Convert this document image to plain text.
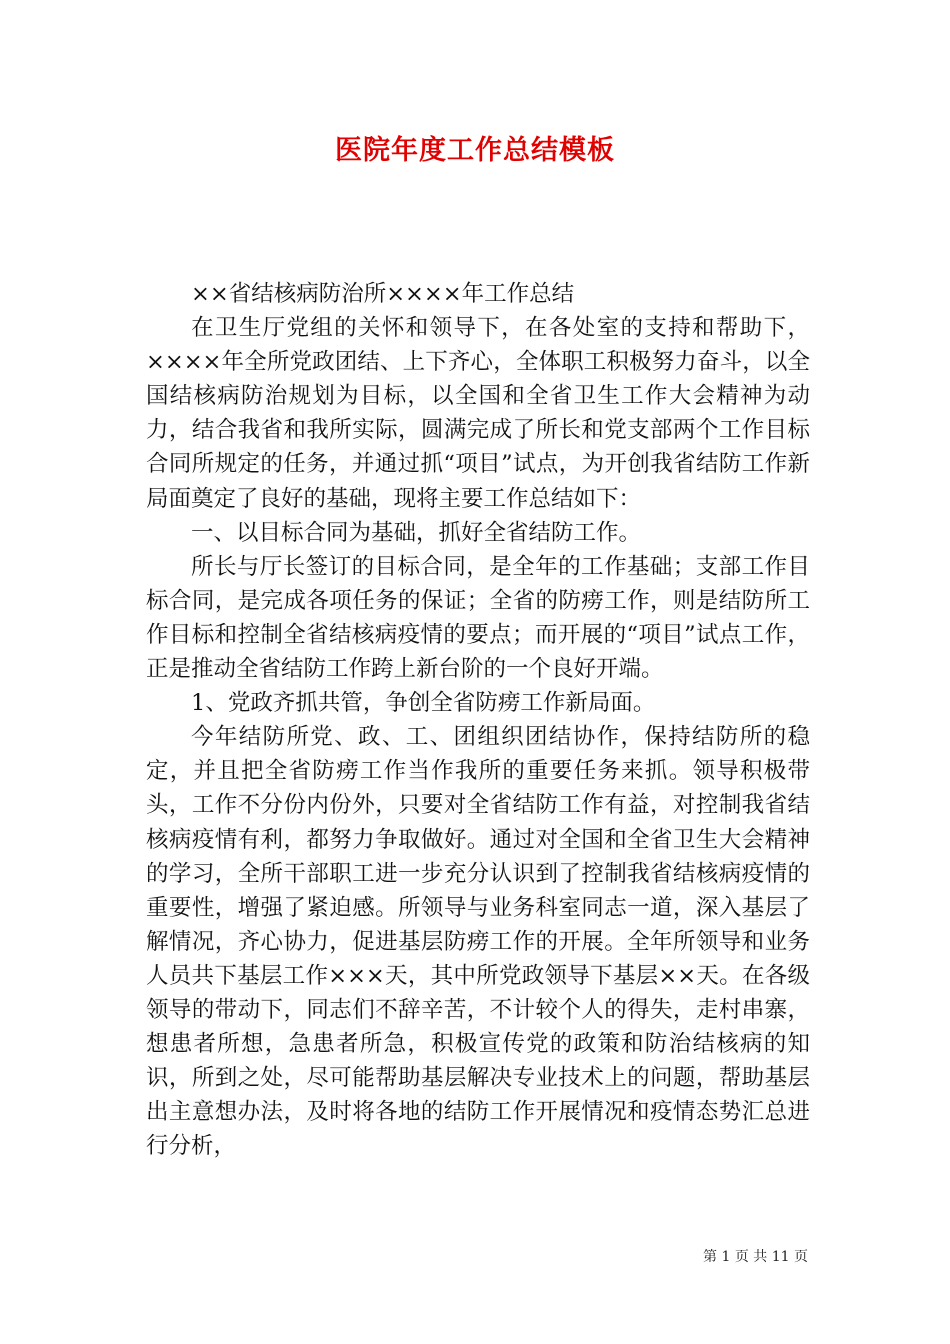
医院年度工作总结模板

××省结核病防治所××××年工作总结

在卫生厅党组的关怀和领导下，在各处室的支持和帮助下，××××年全所党政团结、上下齐心，全体职工积极努力奋斗，以全国结核病防治规划为目标，以全国和全省卫生工作大会精神为动力，结合我省和我所实际，圆满完成了所长和党支部两个工作目标合同所规定的任务，并通过抓“项目”试点，为开创我省结防工作新局面奠定了良好的基础，现将主要工作总结如下：

一、以目标合同为基础，抓好全省结防工作。

所长与厅长签订的目标合同，是全年的工作基础；支部工作目标合同，是完成各项任务的保证；全省的防痨工作，则是结防所工作目标和控制全省结核病疫情的要点；而开展的“项目”试点工作，正是推动全省结防工作跨上新台阶的一个良好开端。

1、党政齐抓共管，争创全省防痨工作新局面。

今年结防所党、政、工、团组织团结协作，保持结防所的稳定，并且把全省防痨工作当作我所的重要任务来抓。领导积极带头，工作不分份内份外，只要对全省结防工作有益，对控制我省结核病疫情有利，都努力争取做好。通过对全国和全省卫生大会精神的学习，全所干部职工进一步充分认识到了控制我省结核病疫情的重要性，增强了紧迫感。所领导与业务科室同志一道，深入基层了解情况，齐心协力，促进基层防痨工作的开展。全年所领导和业务人员共下基层工作×××天，其中所党政领导下基层××天。在各级领导的带动下，同志们不辞辛苦，不计较个人的得失，走村串寨，想患者所想，急患者所急，积极宣传党的政策和防治结核病的知识，所到之处，尽可能帮助基层解决专业技术上的问题，帮助基层出主意想办法，及时将各地的结防工作开展情况和疫情态势汇总进行分析，

第 1 页 共 11 页
